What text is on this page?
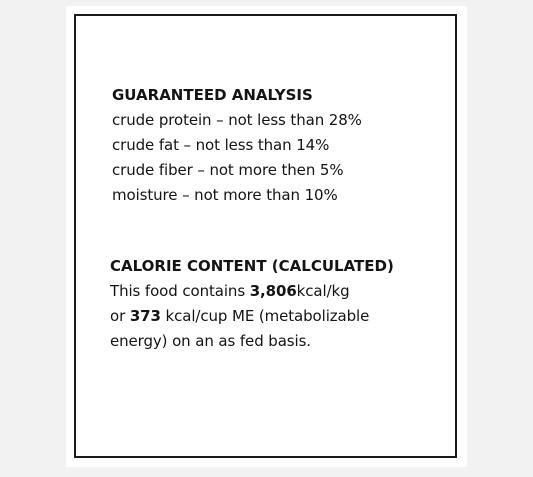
GUARANTEED ANALYSIS
crude protein – not less than 28%
crude fat – not less than 14%
crude fiber – not more then 5%
moisture – not more than 10%
CALORIE CONTENT (CALCULATED)
This food contains 3,806kcal/kg
or 373 kcal/cup ME (metabolizable
energy) on an as fed basis.
